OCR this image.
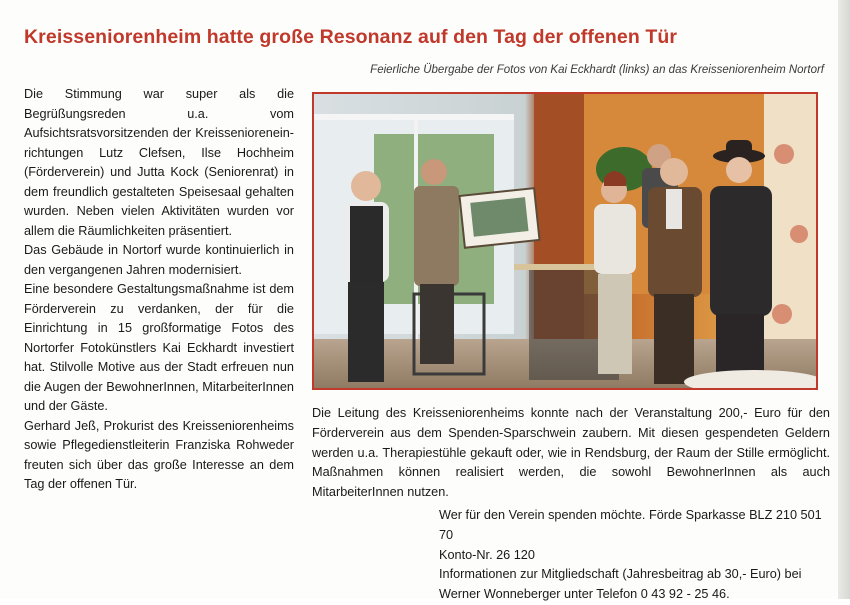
Kreisseniorenheim hatte große Resonanz auf den Tag der offenen Tür

Feierliche Übergabe der Fotos von Kai Eckhardt (links) an das Kreisseniorenheim Nortorf

Die Stimmung war super als die Begrüßungsreden u.a. vom Aufsichtsratsvorsitzenden der Kreissenioreneinrichtungen Lutz Clefsen, Ilse Hochheim (Förderverein) und Jutta Kock (Seniorenrat) in dem freundlich gestalteten Speisesaal gehalten wurden. Neben vielen Aktivitäten wurden vor allem die Räumlichkeiten präsentiert.

Das Gebäude in Nortorf wurde kontinuierlich in den vergangenen Jahren modernisiert.

Eine besondere Gestaltungsmaßnahme ist dem Förderverein zu verdanken, der für die Einrichtung in 15 großformatige Fotos des Nortorfer Fotokünstlers Kai Eckhardt investiert hat. Stilvolle Motive aus der Stadt erfreuen nun die Augen der BewohnerInnen, MitarbeiterInnen und der Gäste.

Gerhard Jeß, Prokurist des Kreisseniorenheims sowie Pflegedienstleiterin Franziska Rohweder freuten sich über das große Interesse an dem Tag der offenen Tür.

Die Leitung des Kreisseniorenheims konnte nach der Veranstaltung 200,- Euro für den Förderverein aus dem Spenden-Sparschwein zaubern. Mit diesen gespendeten Geldern werden u.a. Therapiestühle gekauft oder, wie in Rendsburg, der Raum der Stille ermöglicht. Maßnahmen können realisiert werden, die sowohl BewohnerInnen als auch MitarbeiterInnen nutzen.

Wer für den Verein spenden möchte. Förde Sparkasse BLZ 210 501 70

Konto-Nr. 26 120

Informationen zur Mitgliedschaft (Jahresbeitrag ab 30,- Euro) bei Werner Wonneberger unter Telefon 0 43 92 - 25 46.
